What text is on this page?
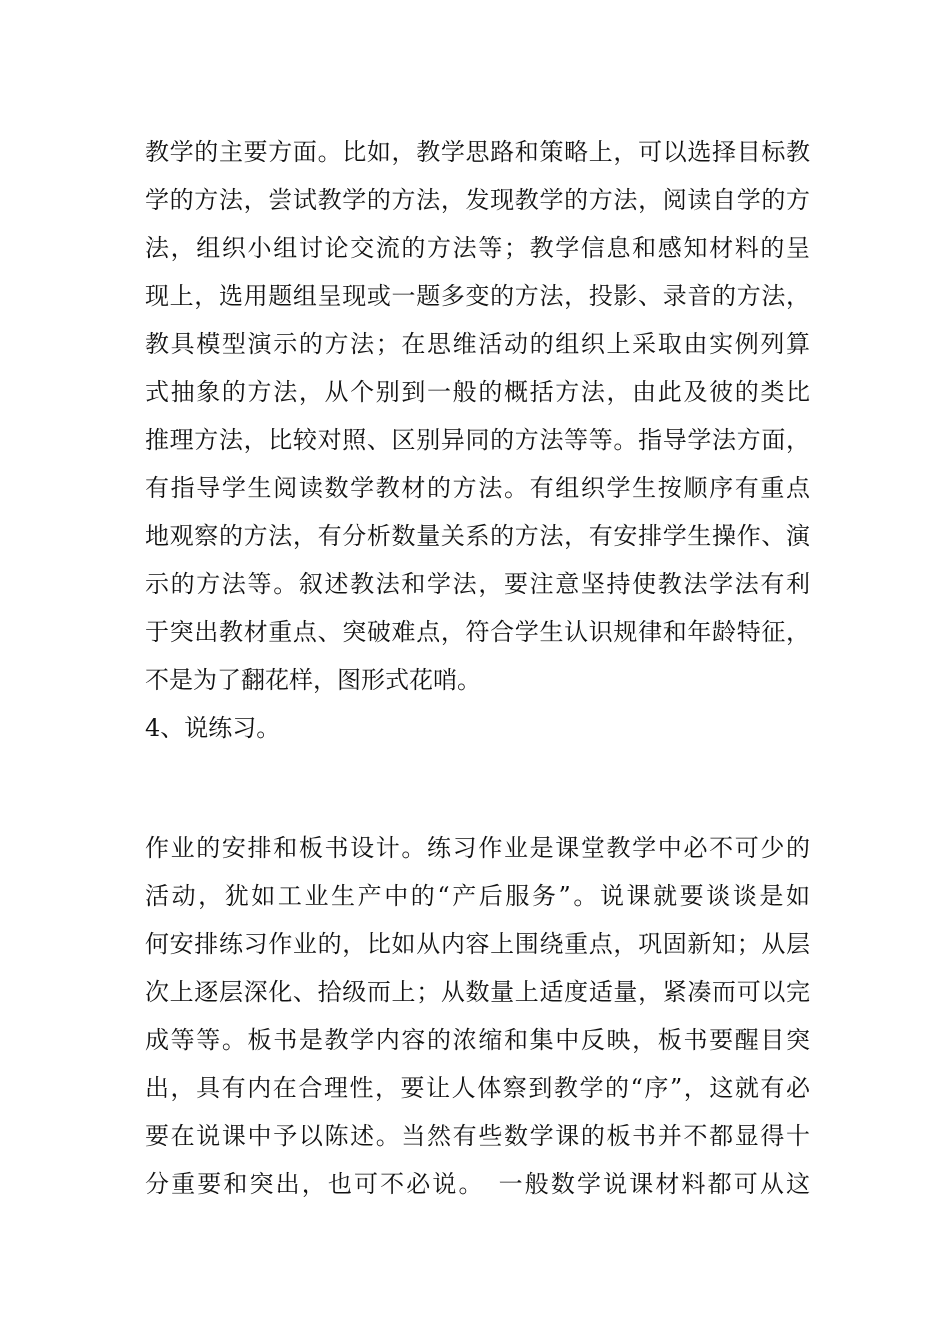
教学的主要方面。比如，教学思路和策略上，可以选择目标教
学的方法，尝试教学的方法，发现教学的方法，阅读自学的方
法，组织小组讨论交流的方法等；教学信息和感知材料的呈
现上，选用题组呈现或一题多变的方法，投影、录音的方法，
教具模型演示的方法；在思维活动的组织上采取由实例列算
式抽象的方法，从个别到一般的概括方法，由此及彼的类比
推理方法，比较对照、区别异同的方法等等。指导学法方面，
有指导学生阅读数学教材的方法。有组织学生按顺序有重点
地观察的方法，有分析数量关系的方法，有安排学生操作、演
示的方法等。叙述教法和学法，要注意坚持使教法学法有利
于突出教材重点、突破难点，符合学生认识规律和年龄特征，
不是为了翻花样，图形式花哨。
4、说练习。
作业的安排和板书设计。练习作业是课堂教学中必不可少的
活动，犹如工业生产中的“产后服务”。说课就要谈谈是如
何安排练习作业的，比如从内容上围绕重点，巩固新知；从层
次上逐层深化、拾级而上；从数量上适度适量，紧凑而可以完
成等等。板书是教学内容的浓缩和集中反映，板书要醒目突
出，具有内在合理性，要让人体察到教学的“序”，这就有必
要在说课中予以陈述。当然有些数学课的板书并不都显得十
分重要和突出，也可不必说。　一般数学说课材料都可从这
